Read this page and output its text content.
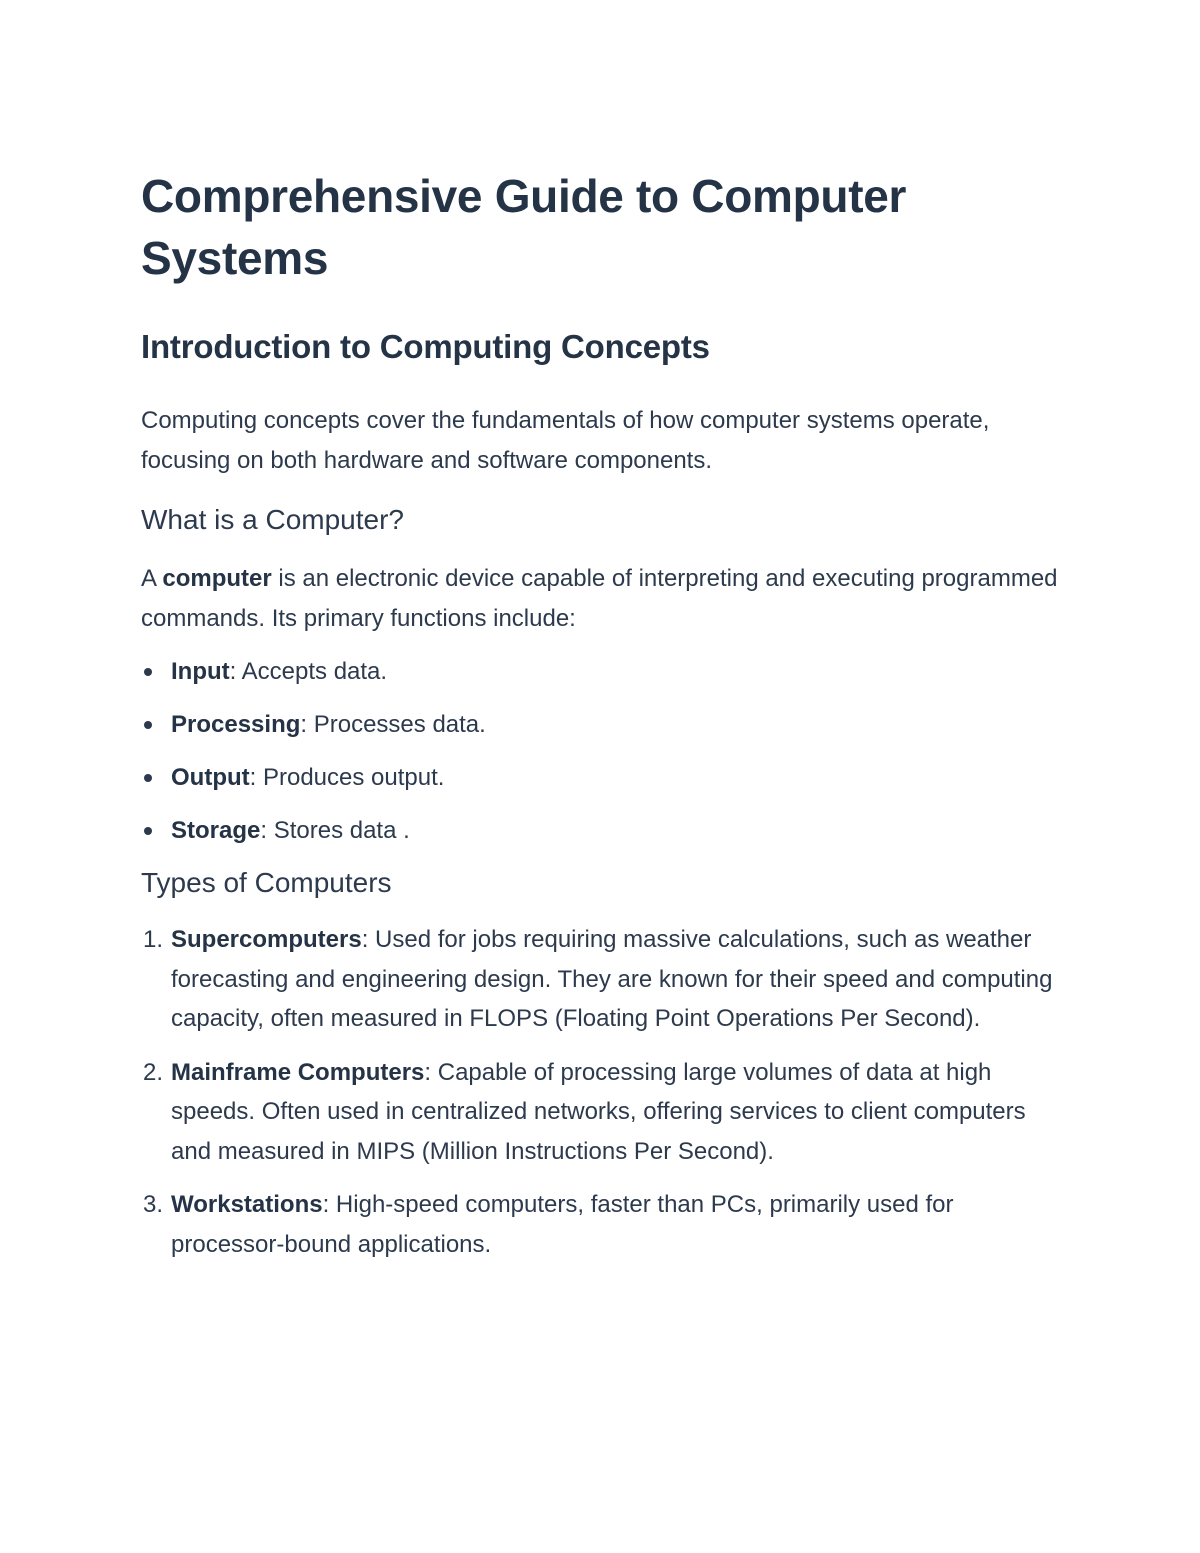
Comprehensive Guide to Computer Systems
Introduction to Computing Concepts

Computing concepts cover the fundamentals of how computer systems operate, focusing on both hardware and software components.

What is a Computer?

A computer is an electronic device capable of interpreting and executing programmed commands. Its primary functions include:

Input: Accepts data.
Processing: Processes data.
Output: Produces output.
Storage: Stores data .
Types of Computers
1. Supercomputers: Used for jobs requiring massive calculations, such as weather forecasting and engineering design. They are known for their speed and computing capacity, often measured in FLOPS (Floating Point Operations Per Second).
2. Mainframe Computers: Capable of processing large volumes of data at high speeds. Often used in centralized networks, offering services to client computers and measured in MIPS (Million Instructions Per Second).
3. Workstations: High-speed computers, faster than PCs, primarily used for processor-bound applications.
